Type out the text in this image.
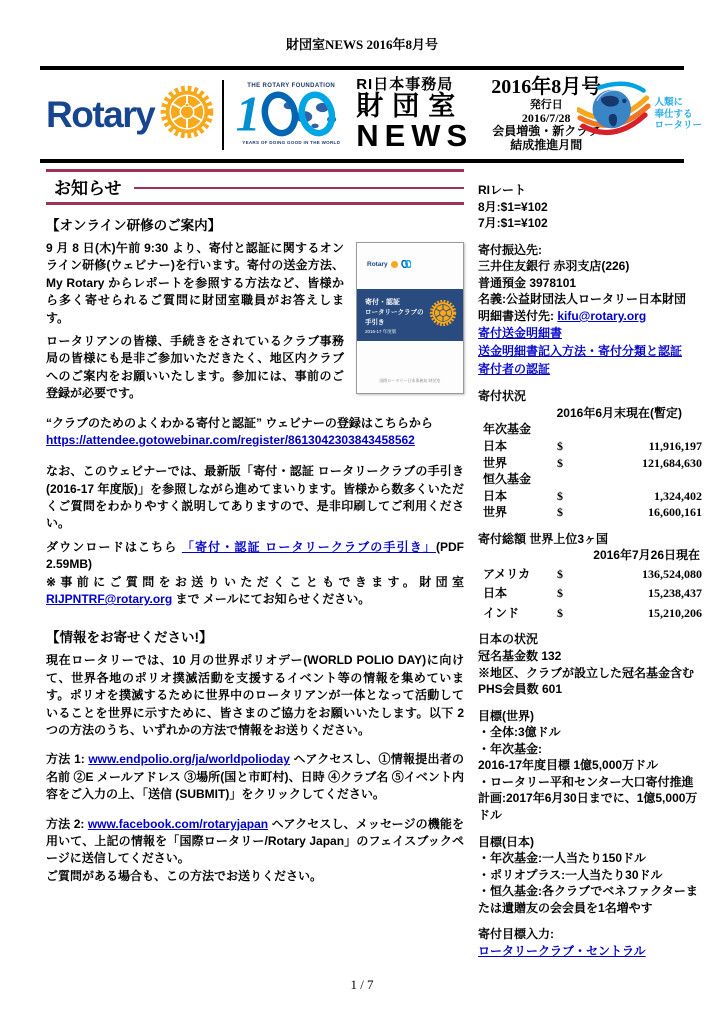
財団室NEWS 2016年8月号
Rotary
THE ROTARY FOUNDATION
1
YEARS OF DOING GOOD IN THE WORLD
RI日本事務局
財団室
NEWS
2016年8月号
発行日
2016/7/28
会員増強・新クラブ
結成推進月間
人類に
奉仕する
ロータリー
お知らせ
【オンライン研修のご案内】
Rotary
寄付・認証
ロータリークラブの手引き
2016-17 年度版
国際ロータリー日本事務局 財団室

9 月 8 日(木)午前 9:30 より、寄付と認証に関するオンライン研修(ウェビナー)を行います。寄付の送金方法、My Rotary からレポートを参照する方法など、皆様から多く寄せられるご質問に財団室職員がお答えします。

ロータリアンの皆様、手続きをされているクラブ事務局の皆様にも是非ご参加いただきたく、地区内クラブへのご案内をお願いいたします。参加には、事前のご登録が必要です。

“クラブのためのよくわかる寄付と認証” ウェビナーの登録はこちらから
https://attendee.gotowebinar.com/register/8613042303843458562

なお、このウェビナーでは、最新版「寄付・認証 ロータリークラブの手引き(2016-17 年度版)」を参照しながら進めてまいります。皆様から数多くいただくご質問をわかりやすく説明してありますので、是非印刷してご利用ください。

ダウンロードはこちら 「寄付・認証 ロータリークラブの手引き」(PDF 2.59MB)
※事前にご質問をお送りいただくこともできます。財団室 RIJPNTRF@rotary.org まで メールにてお知らせください。

【情報をお寄せください!】

現在ロータリーでは、10 月の世界ポリオデー(WORLD POLIO DAY)に向けて、世界各地のポリオ撲滅活動を支援するイベント等の情報を集めています。ポリオを撲滅するために世界中のロータリアンが一体となって活動していることを世界に示すために、皆さまのご協力をお願いいたします。以下 2 つの方法のうち、いずれかの方法で情報をお送りください。

方法 1: www.endpolio.org/ja/worldpolioday ヘアクセスし、①情報提出者の名前 ②E メールアドレス ③場所(国と市町村)、日時 ④クラブ名 ⑤イベント内容をご入力の上、「送信 (SUBMIT)」をクリックしてください。

方法 2: www.facebook.com/rotaryjapan ヘアクセスし、メッセージの機能を用いて、上記の情報を「国際ロータリー/Rotary Japan」のフェイスブックページに送信してください。
ご質問がある場合も、この方法でお送りください。

RIレート
8月:$1=¥102
7月:$1=¥102
寄付振込先:
三井住友銀行 赤羽支店(226)
普通預金 3978101
名義:公益財団法人ロータリー日本財団
明細書送付先: kifu@rotary.org
寄付送金明細書
送金明細書記入方法・寄付分類と認証
寄付者の認証
寄付状況
2016年6月末現在(暫定)
年次基金
日本	$	11,916,197
世界	$	121,684,630
恒久基金
日本	$	1,324,402
世界	$	16,600,161
寄付総額 世界上位3ヶ国
2016年7月26日現在
アメリカ	$	136,524,080
日本	$	15,238,437
インド	$	15,210,206
日本の状況
冠名基金数 132
※地区、クラブが設立した冠名基金含む
PHS会員数 601
目標(世界)
・全体:3億ドル
・年次基金:
2016-17年度目標 1億5,000万ドル
・ロータリー平和センター大口寄付推進計画:2017年6月30日までに、1億5,000万ドル
目標(日本)
・年次基金:一人当たり150ドル
・ポリオプラス:一人当たり30ドル
・恒久基金:各クラブでベネファクターまたは遺贈友の会会員を1名増やす
寄付目標入力:
ロータリークラブ・セントラル
1 / 7
